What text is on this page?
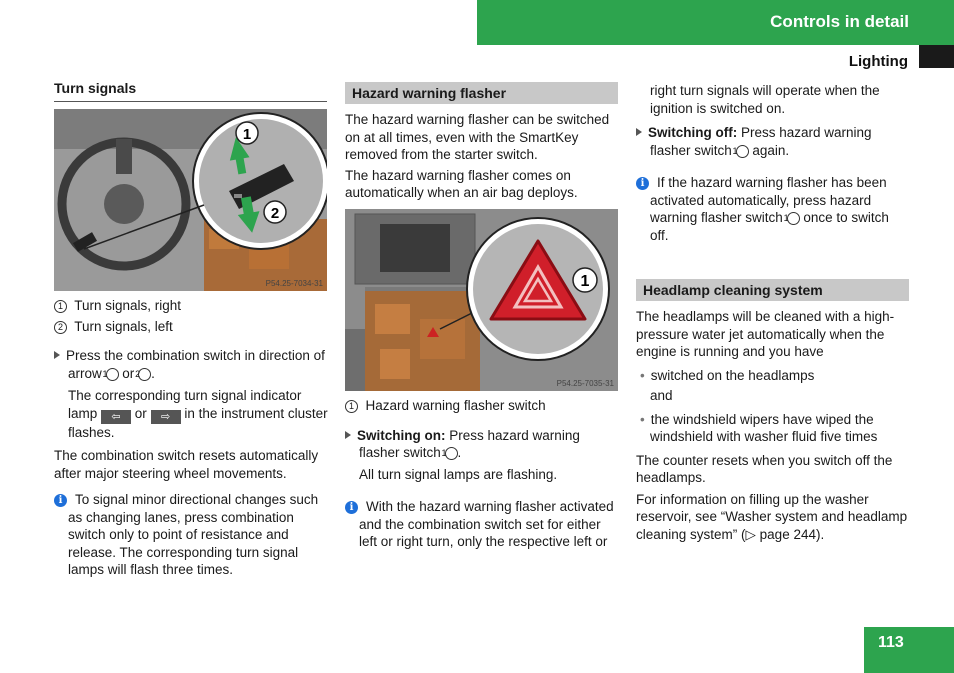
Controls in detail
Lighting
Turn signals
1
2
P54.25-7034-31

1 Turn signals, right

2 Turn signals, left

Press the combination switch in direction of arrow 1 or 2 .

The corresponding turn signal indicator lamp ⇦ or ⇨ in the instrument cluster flashes.

The combination switch resets automatically after major steering wheel movements.

i To signal minor directional changes such as changing lanes, press combination switch only to point of resistance and release. The corresponding turn signal lamps will flash three times.

Hazard warning flasher

The hazard warning flasher can be switched on at all times, even with the SmartKey removed from the starter switch.

The hazard warning flasher comes on automatically when an air bag deploys.

1
P54.25-7035-31

1 Hazard warning flasher switch

Switching on: Press hazard warning flasher switch 1 .

All turn signal lamps are flashing.

i With the hazard warning flasher activated and the combination switch set for either left or right turn, only the respective left or

right turn signals will operate when the ignition is switched on.

Switching off: Press hazard warning flasher switch 1 again.

i If the hazard warning flasher has been activated automatically, press hazard warning flasher switch 1 once to switch off.

Headlamp cleaning system

The headlamps will be cleaned with a high-pressure water jet automatically when the engine is running and you have

• switched on the headlamps

and

• the windshield wipers have wiped the windshield with washer fluid five times

The counter resets when you switch off the headlamps.

For information on filling up the washer reservoir, see “Washer system and headlamp cleaning system” (▷ page 244).

113
